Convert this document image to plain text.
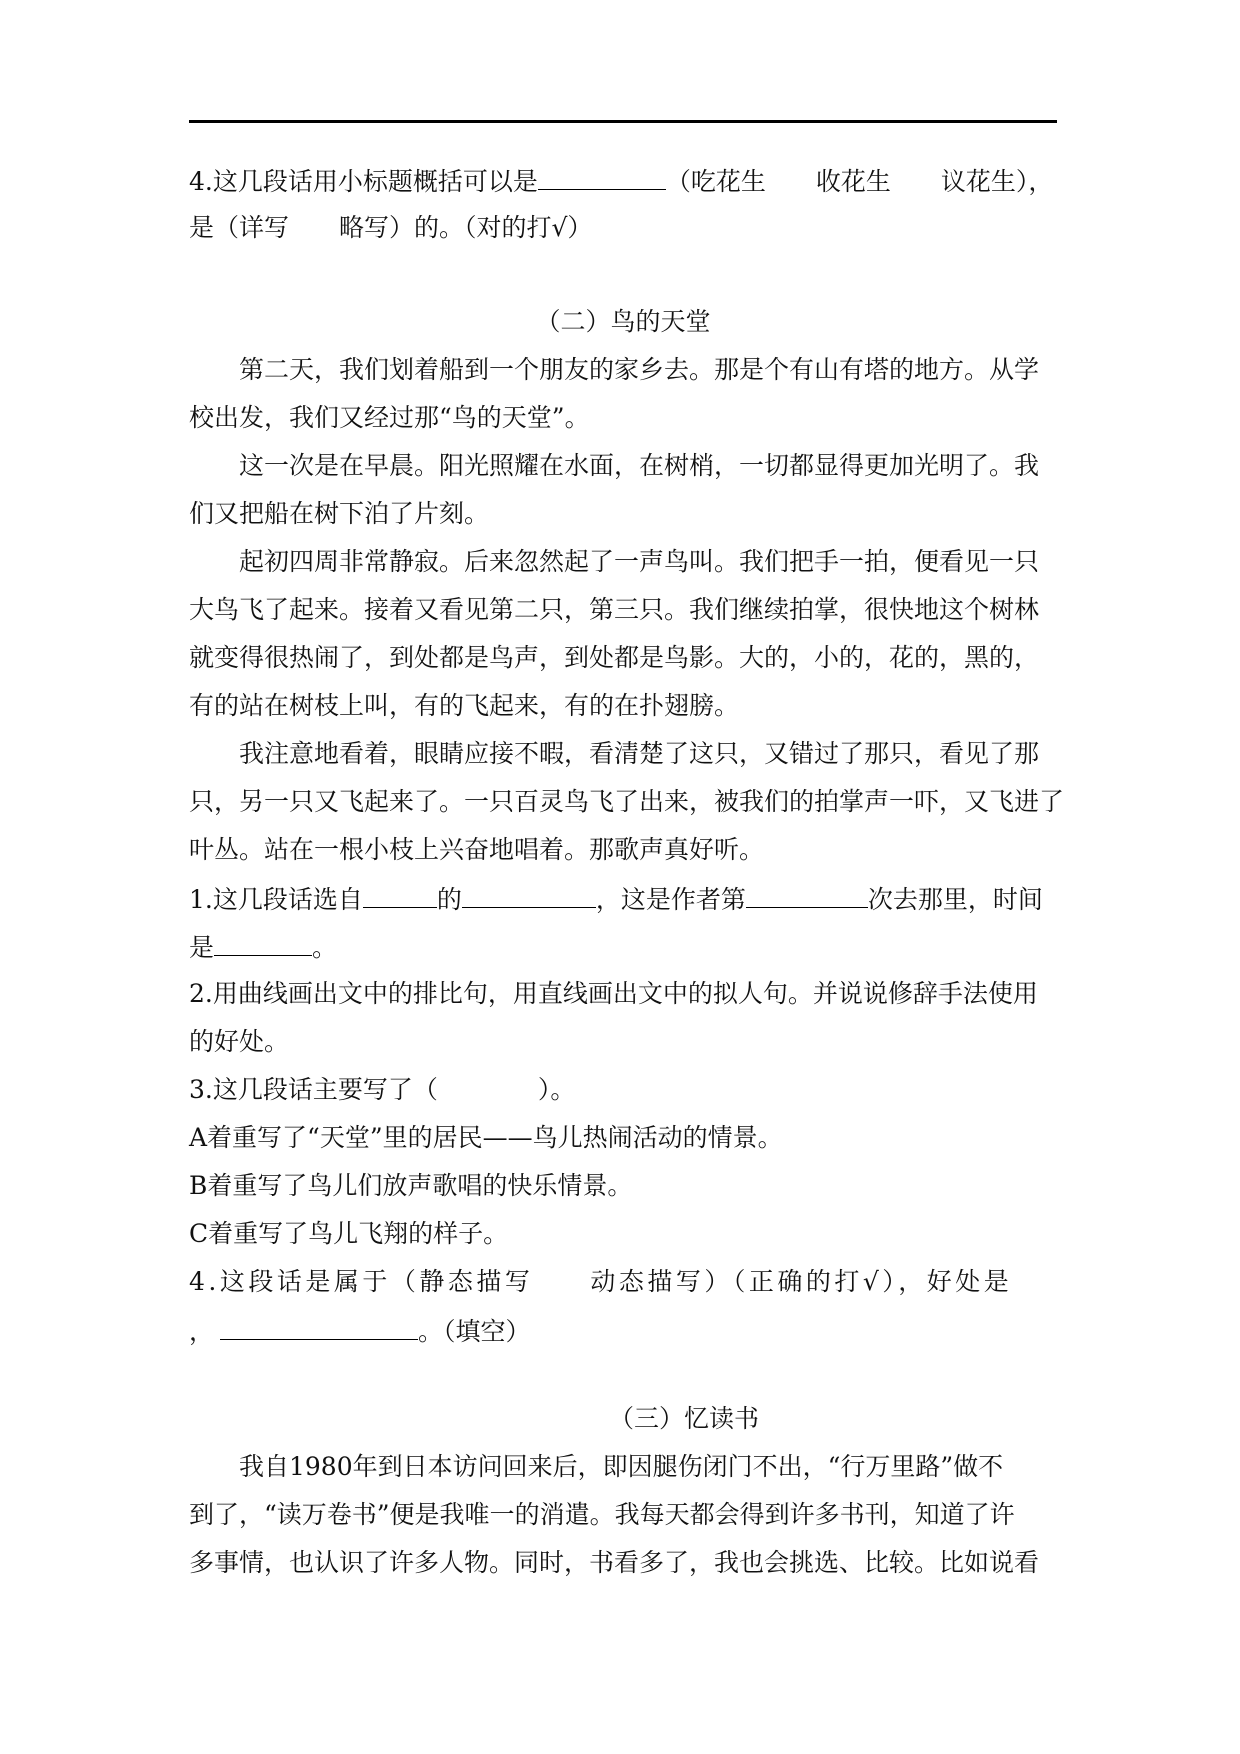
4.这几段话用小标题概括可以是	（吃花生　　收花生　　议花生），

是（详写　　略写）的。（对的打√）

（二）鸟的天堂

　　第二天，我们划着船到一个朋友的家乡去。那是个有山有塔的地方。从学

校出发，我们又经过那“鸟的天堂”。

　　这一次是在早晨。阳光照耀在水面，在树梢，一切都显得更加光明了。我

们又把船在树下泊了片刻。

　　起初四周非常静寂。后来忽然起了一声鸟叫。我们把手一拍，便看见一只

大鸟飞了起来。接着又看见第二只，第三只。我们继续拍掌，很快地这个树林

就变得很热闹了，到处都是鸟声，到处都是鸟影。大的，小的，花的，黑的，

有的站在树枝上叫，有的飞起来，有的在扑翅膀。

　　我注意地看着，眼睛应接不暇，看清楚了这只，又错过了那只，看见了那

只，另一只又飞起来了。一只百灵鸟飞了出来，被我们的拍掌声一吓，又飞进了

叶丛。站在一根小枝上兴奋地唱着。那歌声真好听。

1.这几段话选自	的	，这是作者第	次去那里，时间

是	。

2.用曲线画出文中的排比句，用直线画出文中的拟人句。并说说修辞手法使用

的好处。

3.这几段话主要写了（　　　　）。

A着重写了“天堂”里的居民——鸟儿热闹活动的情景。

B着重写了鸟儿们放声歌唱的快乐情景。

C着重写了鸟儿飞翔的样子。

4.这段话是属于（静态描写　　动态描写）（正确的打√），好处是

，	。（填空）

（三）忆读书

　　我自1980年到日本访问回来后，即因腿伤闭门不出，“行万里路”做不

到了，“读万卷书”便是我唯一的消遣。我每天都会得到许多书刊，知道了许

多事情，也认识了许多人物。同时，书看多了，我也会挑选、比较。比如说看
